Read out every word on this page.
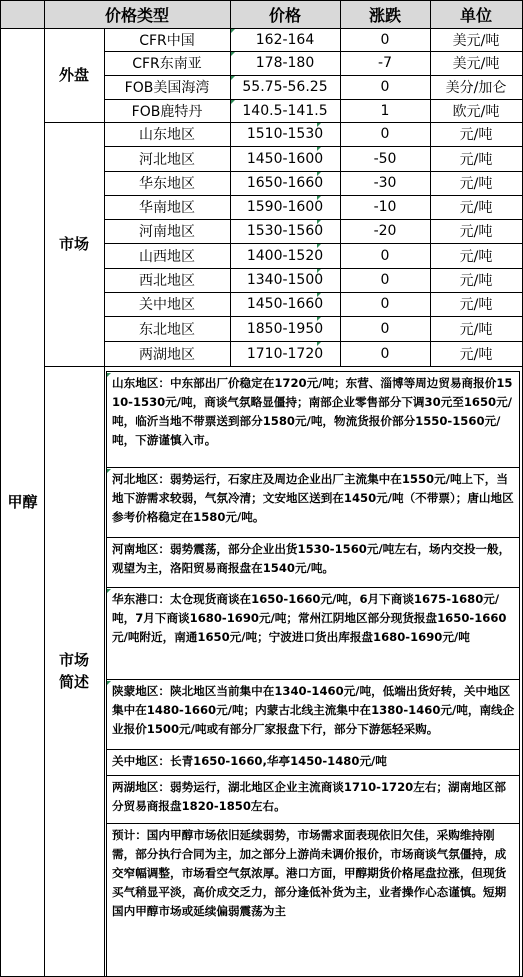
价格类型	价格	涨跌	单位
甲醇
外盘
市场
市场
简述
CFR中国	162-164	0	美元/吨
CFR东南亚	178-180	-7	美元/吨
FOB美国海湾	55.75-56.25	0	美分/加仑
FOB鹿特丹	140.5-141.5	1	欧元/吨
山东地区	1510-1530	0	元/吨
河北地区	1450-1600	-50	元/吨
华东地区	1650-1660	-30	元/吨
华南地区	1590-1600	-10	元/吨
河南地区	1530-1560	-20	元/吨
山西地区	1400-1520	0	元/吨
西北地区	1340-1500	0	元/吨
关中地区	1450-1660	0	元/吨
东北地区	1850-1950	0	元/吨
两湖地区	1710-1720	0	元/吨
山东地区：中东部出厂价稳定在1720元/吨；东营、淄博等周边贸易商报价1510-1530元/吨，商谈气氛略显僵持；南部企业零售部分下调30元至1650元/吨，临沂当地不带票送到部分1580元/吨，物流货报价部分1550-1560元/吨，下游谨慎入市。
河北地区：弱势运行，石家庄及周边企业出厂主流集中在1550元/吨上下，当地下游需求较弱，气氛冷清；文安地区送到在1450元/吨（不带票）；唐山地区参考价格稳定在1580元/吨。
河南地区：弱势震荡，部分企业出货1530-1560元/吨左右，场内交投一般，观望为主，洛阳贸易商报盘在1540元/吨。
华东港口：太仓现货商谈在1650-1660元/吨，6月下商谈1675-1680元/吨，7月下商谈1680-1690元/吨；常州江阴地区部分现货报盘1650-1660元/吨附近，南通1650元/吨；宁波进口货出库报盘1680-1690元/吨
陕蒙地区：陕北地区当前集中在1340-1460元/吨，低端出货好转，关中地区集中在1480-1660元/吨；内蒙古北线主流集中在1380-1460元/吨，南线企业报价1500元/吨或有部分厂家报盘下行，部分下游惩轻采购。
关中地区：长青1650-1660,华亭1450-1480元/吨
两湖地区：弱势运行，湖北地区企业主流商谈1710-1720左右；湖南地区部分贸易商报盘1820-1850左右。
预计：国内甲醇市场依旧延续弱势，市场需求面表现依旧欠佳，采购维持刚需，部分执行合同为主，加之部分上游尚未调价报价，市场商谈气氛僵持，成交窄幅调整，市场看空气氛浓厚。港口方面，甲醇期货价格尾盘拉涨，但现货买气稍显平淡，高价成交乏力，部分逢低补货为主，业者操作心态谨慎。短期国内甲醇市场或延续偏弱震荡为主
